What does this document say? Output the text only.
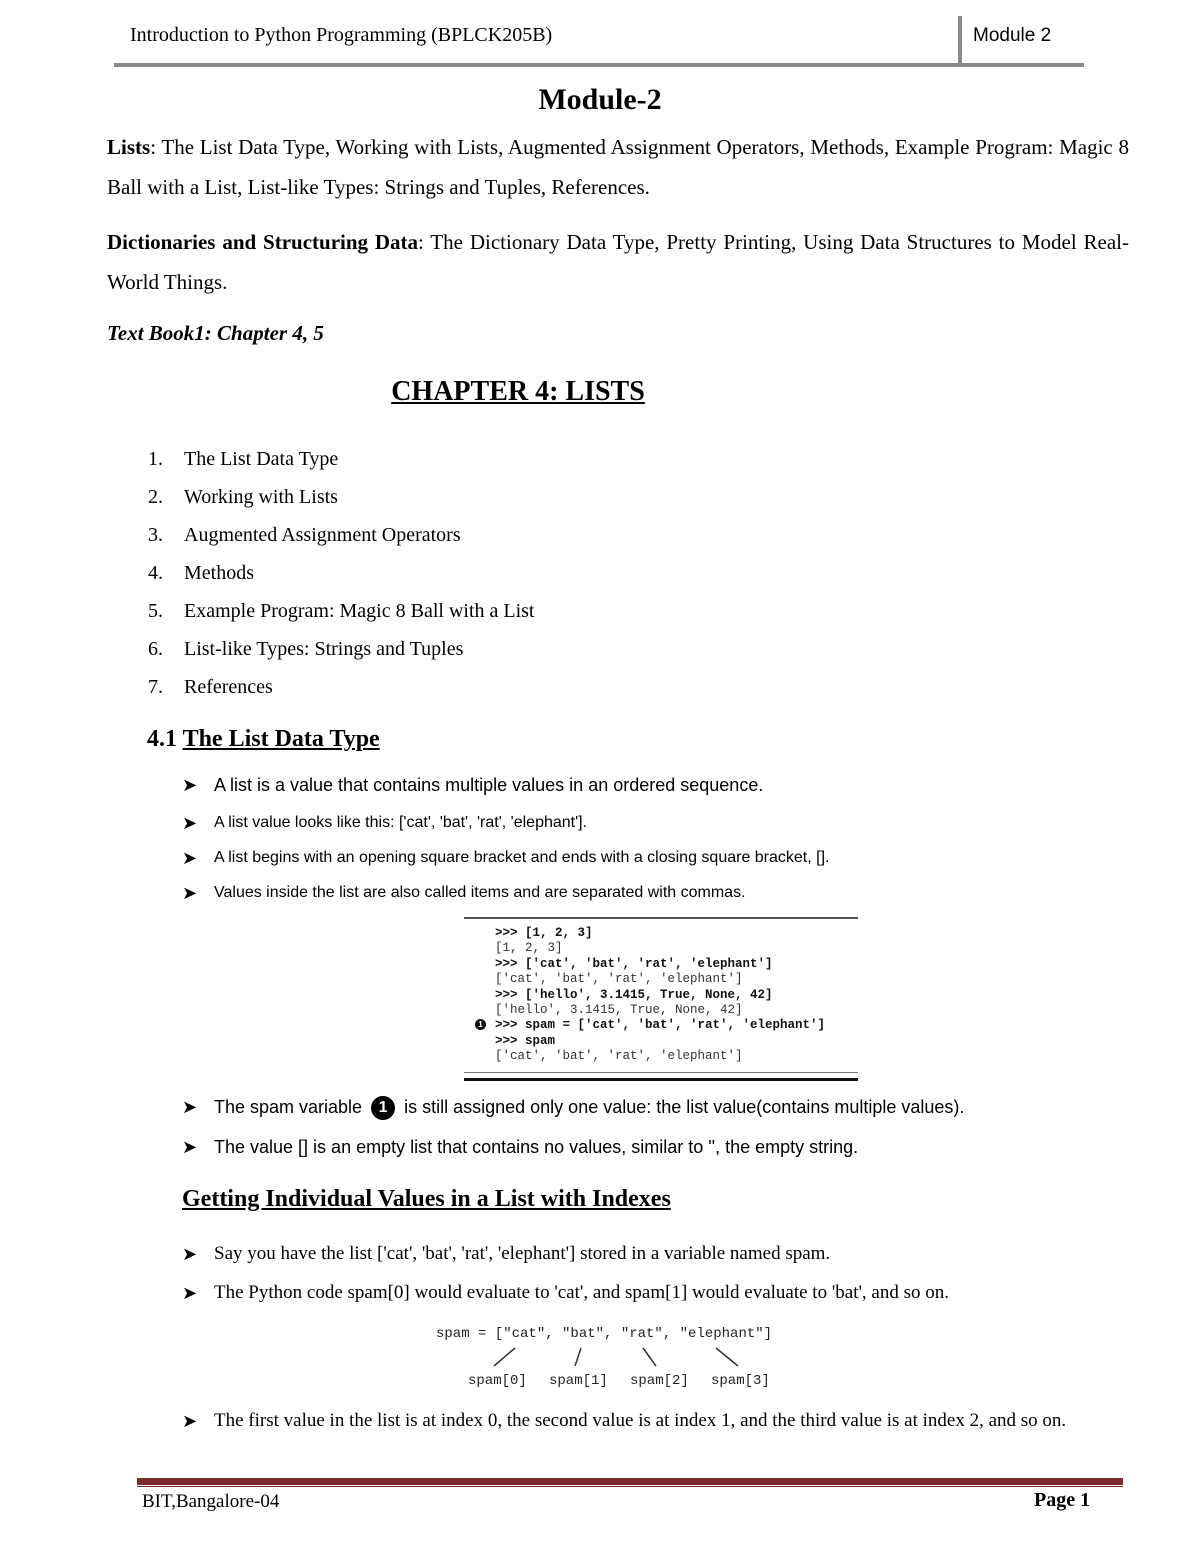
Introduction to Python Programming (BPLCK205B)	Module 2
Module-2
Lists: The List Data Type, Working with Lists, Augmented Assignment Operators, Methods, Example Program: Magic 8 Ball with a List, List-like Types: Strings and Tuples, References.
Dictionaries and Structuring Data: The Dictionary Data Type, Pretty Printing, Using Data Structures to Model Real-World Things.
Text Book1: Chapter 4, 5
CHAPTER 4: LISTS
1.	The List Data Type
2.	Working with Lists
3.	Augmented Assignment Operators
4.	Methods
5.	Example Program: Magic 8 Ball with a List
6.	List-like Types: Strings and Tuples
7.	References
4.1 The List Data Type
➤ A list is a value that contains multiple values in an ordered sequence.
➤	A list value looks like this: ['cat', 'bat', 'rat', 'elephant'].
➤	A list begins with an opening square bracket and ends with a closing square bracket, [].
➤	Values inside the list are also called items and are separated with commas.
1
>>> [1, 2, 3]
[1, 2, 3]
>>> ['cat', 'bat', 'rat', 'elephant']
['cat', 'bat', 'rat', 'elephant']
>>> ['hello', 3.1415, True, None, 42]
['hello', 3.1415, True, None, 42]
>>> spam = ['cat', 'bat', 'rat', 'elephant']
>>> spam
['cat', 'bat', 'rat', 'elephant']
➤ The spam variable 1 is still assigned only one value: the list value(contains multiple values).
➤ The value [] is an empty list that contains no values, similar to '', the empty string.
Getting Individual Values in a List with Indexes
➤ Say you have the list ['cat', 'bat', 'rat', 'elephant'] stored in a variable named spam.
➤ The Python code spam[0] would evaluate to 'cat', and spam[1] would evaluate to 'bat', and so on.
spam = ["cat", "bat", "rat", "elephant"]
spam[0] spam[1] spam[2] spam[3]
➤ The first value in the list is at index 0, the second value is at index 1, and the third value is at index 2, and so on.
BIT,Bangalore-04	Page 1
